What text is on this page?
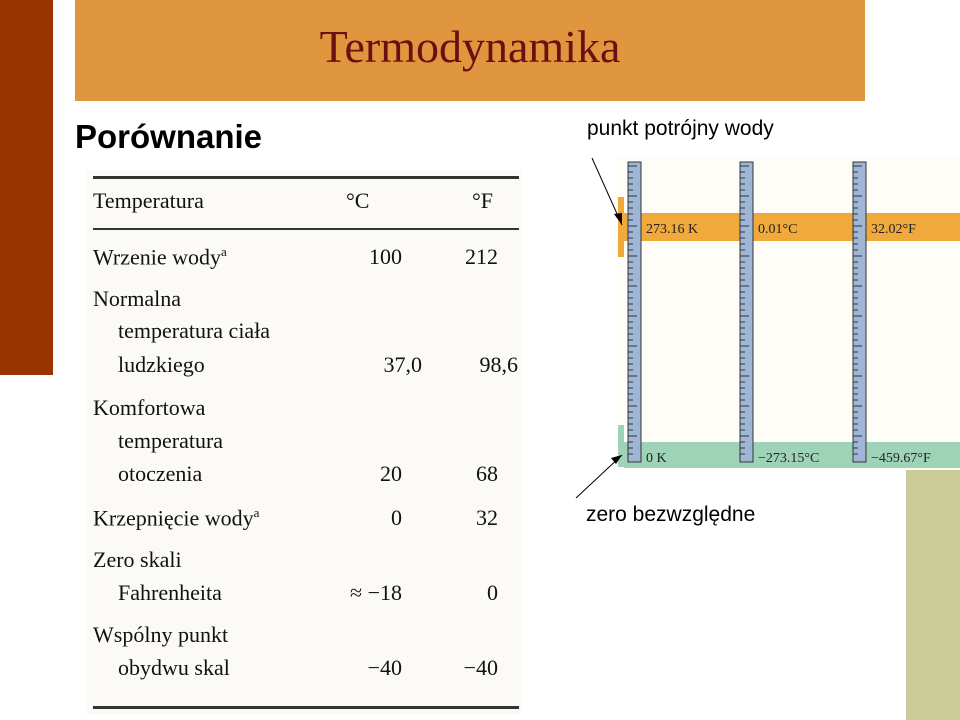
Termodynamika
Porównanie
Temperatura	°C	°F
Wrzenie wody$^a$	100	212
Normalna
temperatura ciała
ludzkiego	37,0	98,6
Komfortowa
temperatura
otoczenia	20	68
Krzepnięcie wody$^a$	0	32
Zero skali
Fahrenheita	≈ −18	0
Wspólny punkt
obydwu skal	−40	−40
punkt potrójny wody
zero bezwzględne
273.16 K	0.01°C	32.02°F
0 K	−273.15°C	−459.67°F
